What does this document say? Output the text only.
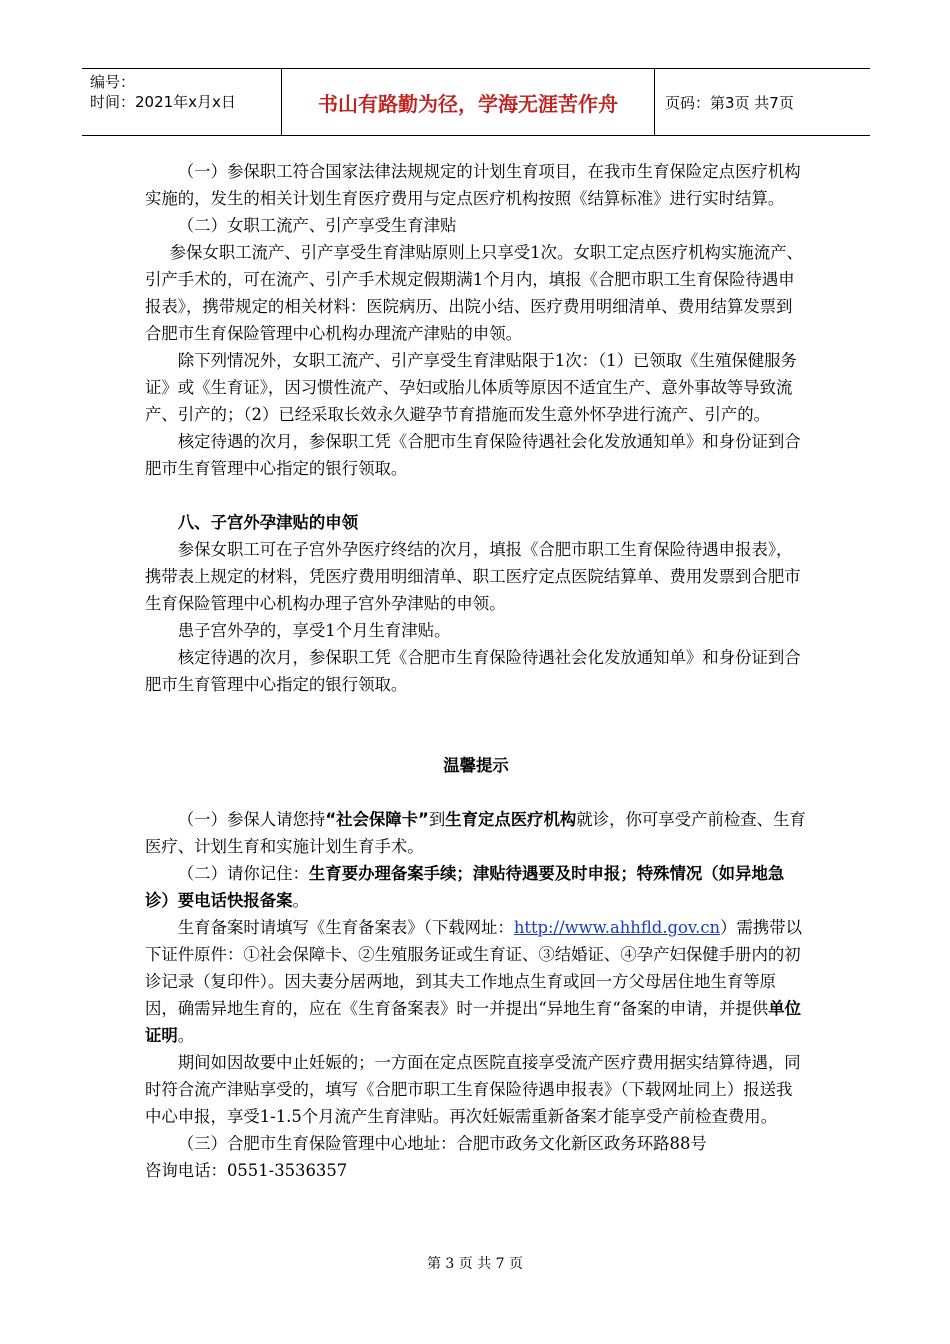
编号：
时间：2021年x月x日	书山有路勤为径，学海无涯苦作舟	页码：第3页 共7页

（一）参保职工符合国家法律法规规定的计划生育项目，在我市生育保险定点医疗机构实施的，发生的相关计划生育医疗费用与定点医疗机构按照《结算标准》进行实时结算。

（二）女职工流产、引产享受生育津贴

参保女职工流产、引产享受生育津贴原则上只享受1次。女职工定点医疗机构实施流产、引产手术的，可在流产、引产手术规定假期满1个月内，填报《合肥市职工生育保险待遇申报表》，携带规定的相关材料：医院病历、出院小结、医疗费用明细清单、费用结算发票到合肥市生育保险管理中心机构办理流产津贴的申领。

除下列情况外，女职工流产、引产享受生育津贴限于1次：（1）已领取《生殖保健服务证》或《生育证》，因习惯性流产、孕妇或胎儿体质等原因不适宜生产、意外事故等导致流产、引产的；（2）已经采取长效永久避孕节育措施而发生意外怀孕进行流产、引产的。

核定待遇的次月，参保职工凭《合肥市生育保险待遇社会化发放通知单》和身份证到合肥市生育管理中心指定的银行领取。

八、子宫外孕津贴的申领

参保女职工可在子宫外孕医疗终结的次月，填报《合肥市职工生育保险待遇申报表》，携带表上规定的材料，凭医疗费用明细清单、职工医疗定点医院结算单、费用发票到合肥市生育保险管理中心机构办理子宫外孕津贴的申领。

患子宫外孕的，享受1个月生育津贴。

核定待遇的次月，参保职工凭《合肥市生育保险待遇社会化发放通知单》和身份证到合肥市生育管理中心指定的银行领取。

温馨提示

（一）参保人请您持“社会保障卡”到生育定点医疗机构就诊，你可享受产前检查、生育医疗、计划生育和实施计划生育手术。

（二）请你记住：生育要办理备案手续；津贴待遇要及时申报；特殊情况（如异地急诊）要电话快报备案。

生育备案时请填写《生育备案表》（下载网址：http://www.ahhfld.gov.cn）需携带以下证件原件：①社会保障卡、②生殖服务证或生育证、③结婚证、④孕产妇保健手册内的初诊记录（复印件）。因夫妻分居两地，到其夫工作地点生育或回一方父母居住地生育等原因，确需异地生育的，应在《生育备案表》时一并提出“异地生育“备案的申请，并提供单位证明。

期间如因故要中止妊娠的；一方面在定点医院直接享受流产医疗费用据实结算待遇，同时符合流产津贴享受的，填写《合肥市职工生育保险待遇申报表》（下载网址同上）报送我中心申报，享受1-1.5个月流产生育津贴。再次妊娠需重新备案才能享受产前检查费用。

（三）合肥市生育保险管理中心地址：合肥市政务文化新区政务环路88号

咨询电话：0551-3536357

第 3 页 共 7 页
